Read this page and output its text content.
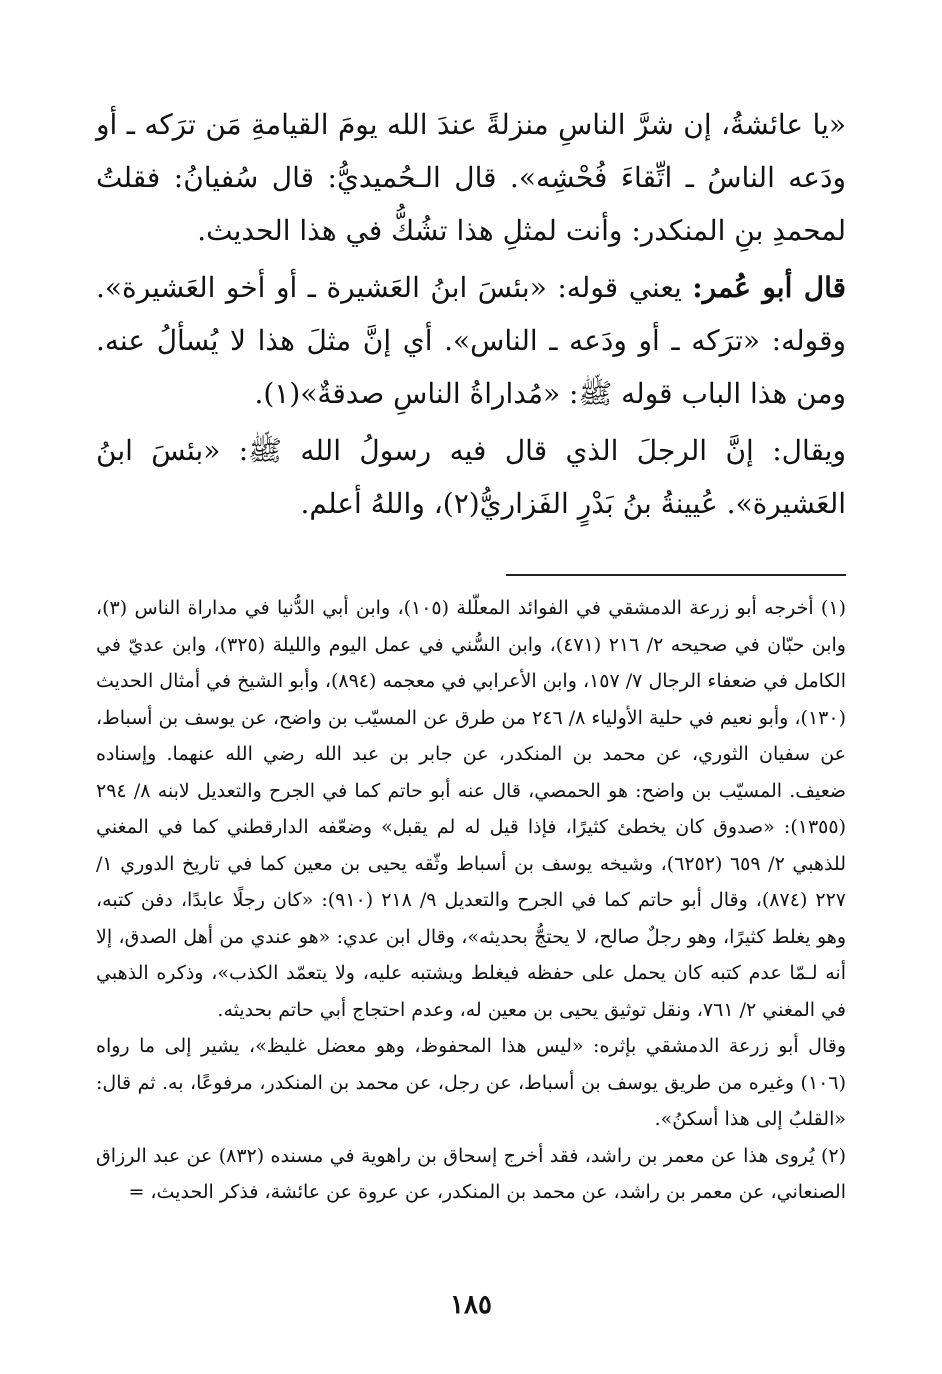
«يا عائشةُ، إن شرَّ الناسِ منزلةً عندَ الله يومَ القيامةِ مَن ترَكه ـ أو ودَعه الناسُ ـ اتِّقاءَ فُحْشِه». قال الـحُميديُّ: قال سُفيانُ: فقلتُ لمحمدِ بنِ المنكدر: وأنت لمثلِ هذا تشُكُّ في هذا الحديث.

قال أبو عُمر: يعني قوله: «بئسَ ابنُ العَشيرة ـ أو أخو العَشيرة». وقوله: «ترَكه ـ أو ودَعه ـ الناس». أي إنَّ مثلَ هذا لا يُسألُ عنه. ومن هذا الباب قوله ﷺ: «مُداراةُ الناسِ صدقةٌ»(١).

ويقال: إنَّ الرجلَ الذي قال فيه رسولُ الله ﷺ: «بئسَ ابنُ العَشيرة». عُيينةُ بنُ بَدْرٍ الفَزاريُّ(٢)، واللهُ أعلم.

(١) أخرجه أبو زرعة الدمشقي في الفوائد المعلّلة (١٠٥)، وابن أبي الدُّنيا في مداراة الناس (٣)، وابن حبّان في صحيحه ٢/ ٢١٦ (٤٧١)، وابن السُّني في عمل اليوم والليلة (٣٢٥)، وابن عديّ في الكامل في ضعفاء الرجال ٧/ ١٥٧، وابن الأعرابي في معجمه (٨٩٤)، وأبو الشيخ في أمثال الحديث (١٣٠)، وأبو نعيم في حلية الأولياء ٨/ ٢٤٦ من طرق عن المسيّب بن واضح، عن يوسف بن أسباط، عن سفيان الثوري، عن محمد بن المنكدر، عن جابر بن عبد الله رضي الله عنهما. وإسناده ضعيف. المسيّب بن واضح: هو الحمصي، قال عنه أبو حاتم كما في الجرح والتعديل لابنه ٨/ ٢٩٤ (١٣٥٥): «صدوق كان يخطئ كثيرًا، فإذا قيل له لم يقبل» وضعّفه الدارقطني كما في المغني للذهبي ٢/ ٦٥٩ (٦٢٥٢)، وشيخه يوسف بن أسباط وثّقه يحيى بن معين كما في تاريخ الدوري ١/ ٢٢٧ (٨٧٤)، وقال أبو حاتم كما في الجرح والتعديل ٩/ ٢١٨ (٩١٠): «كان رجلًا عابدًا، دفن كتبه، وهو يغلط كثيرًا، وهو رجلٌ صالح، لا يحتجُّ بحديثه»، وقال ابن عدي: «هو عندي من أهل الصدق، إلا أنه لـمّا عدم كتبه كان يحمل على حفظه فيغلط ويشتبه عليه، ولا يتعمّد الكذب»، وذكره الذهبي في المغني ٢/ ٧٦١، ونقل توثيق يحيى بن معين له، وعدم احتجاج أبي حاتم بحديثه.

وقال أبو زرعة الدمشقي بإثره: «ليس هذا المحفوظ، وهو معضل غليظ»، يشير إلى ما رواه (١٠٦) وغيره من طريق يوسف بن أسباط، عن رجل، عن محمد بن المنكدر، مرفوعًا، به. ثم قال: «القلبُ إلى هذا أسكنُ».

(٢) يُروى هذا عن معمر بن راشد، فقد أخرج إسحاق بن راهوية في مسنده (٨٣٢) عن عبد الرزاق الصنعاني، عن معمر بن راشد، عن محمد بن المنكدر، عن عروة عن عائشة، فذكر الحديث، =

١٨٥
